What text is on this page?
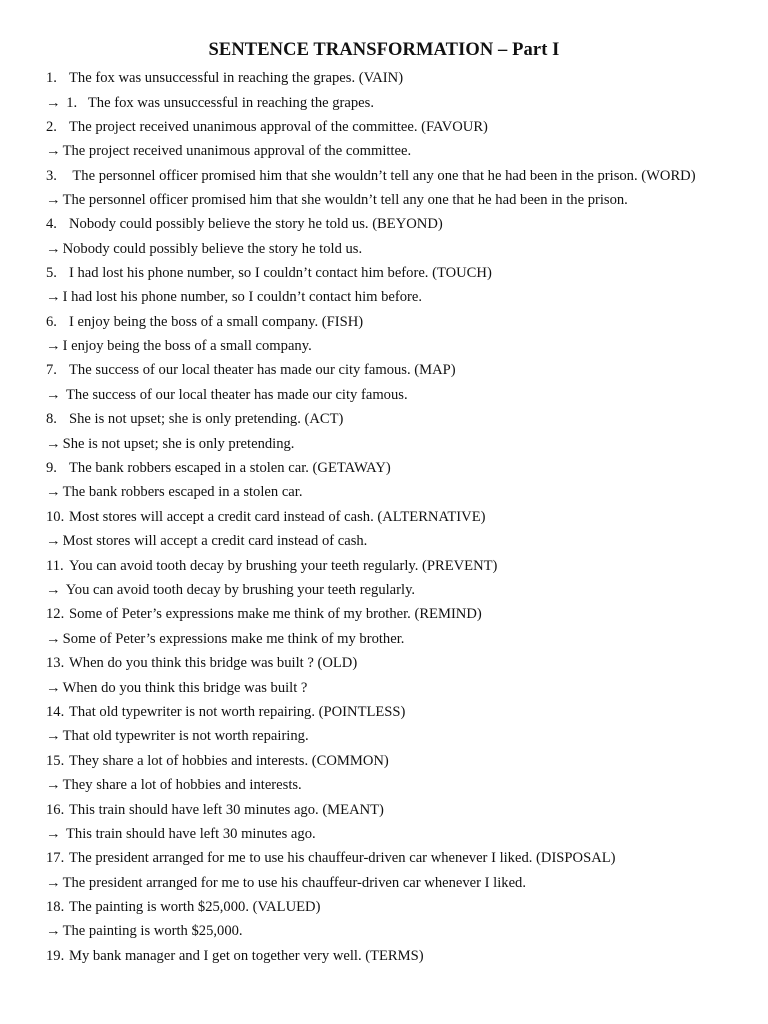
SENTENCE TRANSFORMATION – Part I
1. The fox was unsuccessful in reaching the grapes. (VAIN)
→ 1.   The fox was unsuccessful in reaching the grapes.
2. The project received unanimous approval of the committee. (FAVOUR)
→ The project received unanimous approval of the committee.
3. The personnel officer promised him that she wouldn’t tell any one that he had been in the prison. (WORD)
→ The personnel officer promised him that she wouldn’t tell any one that he had been in the prison.
4. Nobody could possibly believe the story he told us. (BEYOND)
→ Nobody could possibly believe the story he told us.
5. I had lost his phone number, so I couldn’t contact him before. (TOUCH)
→ I had lost his phone number, so I couldn’t contact him before.
6. I enjoy being the boss of a small company. (FISH)
→ I enjoy being the boss of a small company.
7. The success of our local theater has made our city famous. (MAP)
→ The success of our local theater has made our city famous.
8. She is not upset; she is only pretending. (ACT)
→ She is not upset; she is only pretending.
9. The bank robbers escaped in a stolen car. (GETAWAY)
→ The bank robbers escaped in a stolen car.
10. Most stores will accept a credit card instead of cash. (ALTERNATIVE)
→ Most stores will accept a credit card instead of cash.
11. You can avoid tooth decay by brushing your teeth regularly. (PREVENT)
→ You can avoid tooth decay by brushing your teeth regularly.
12. Some of Peter’s expressions make me think of my brother. (REMIND)
→ Some of Peter’s expressions make me think of my brother.
13. When do you think this bridge was built ? (OLD)
→ When do you think this bridge was built ?
14. That old typewriter is not worth repairing. (POINTLESS)
→ That old typewriter is not worth repairing.
15. They share a lot of hobbies and interests. (COMMON)
→ They share a lot of hobbies and interests.
16. This train should have left 30 minutes ago. (MEANT)
→ This train should have left 30 minutes ago.
17. The president arranged for me to use his chauffeur-driven car whenever I liked. (DISPOSAL)
→ The president arranged for me to use his chauffeur-driven car whenever I liked.
18. The painting is worth $25,000. (VALUED)
→ The painting is worth $25,000.
19. My bank manager and I get on together very well. (TERMS)
